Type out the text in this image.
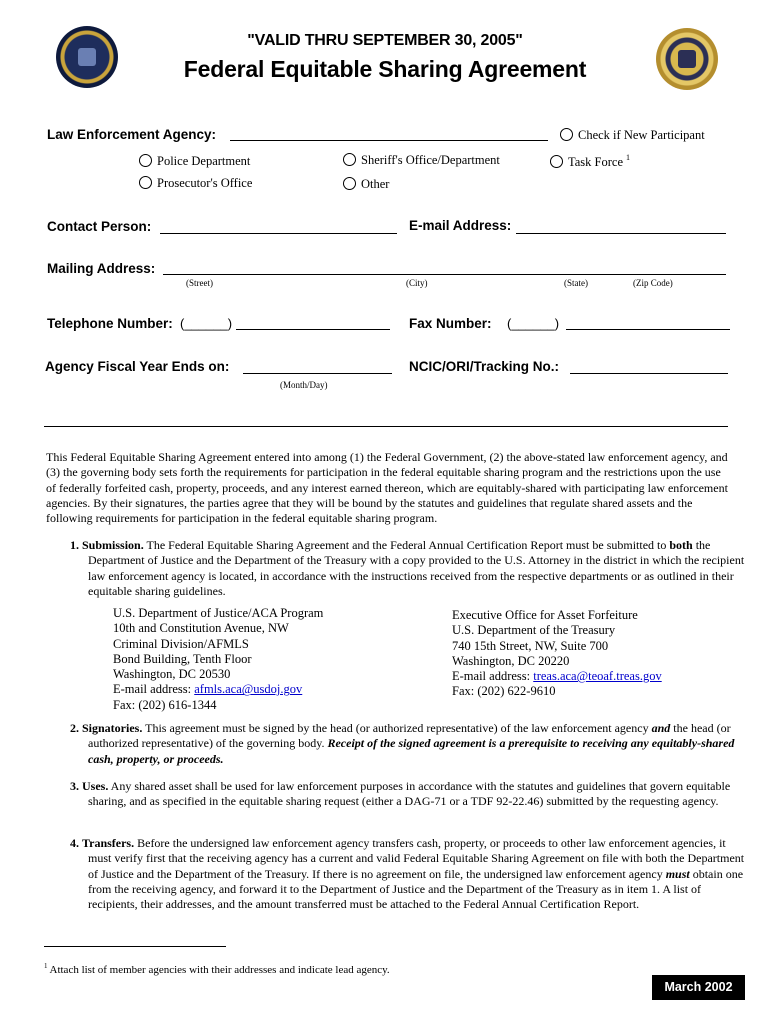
"VALID THRU SEPTEMBER 30, 2005"
Federal Equitable Sharing Agreement
Law Enforcement Agency:	Check if New Participant
Police Department	Sheriff's Office/Department	Task Force $^1$
Prosecutor's Office	Other
Contact Person:	E-mail Address:
Mailing Address:
(Street)	(City)	(State)	(Zip Code)
Telephone Number: (______)	Fax Number: (______)
Agency Fiscal Year Ends on:
(Month/Day)
NCIC/ORI/Tracking No.:
This Federal Equitable Sharing Agreement entered into among (1) the Federal Government, (2) the above-stated law enforcement agency, and (3) the governing body sets forth the requirements for participation in the federal equitable sharing program and the restrictions upon the use of federally forfeited cash, property, proceeds, and any interest earned thereon, which are equitably-shared with participating law enforcement agencies. By their signatures, the parties agree that they will be bound by the statutes and guidelines that regulate shared assets and the following requirements for participation in the federal equitable sharing program.
1. Submission. The Federal Equitable Sharing Agreement and the Federal Annual Certification Report must be submitted to both the Department of Justice and the Department of the Treasury with a copy provided to the U.S. Attorney in the district in which the recipient law enforcement agency is located, in accordance with the instructions received from the respective departments or as outlined in their equitable sharing guidelines.
U.S. Department of Justice/ACA Program
10th and Constitution Avenue, NW
Criminal Division/AFMLS
Bond Building, Tenth Floor
Washington, DC 20530
E-mail address: afmls.aca@usdoj.gov
Fax: (202) 616-1344
Executive Office for Asset Forfeiture
U.S. Department of the Treasury
740 15th Street, NW, Suite 700
Washington, DC 20220
E-mail address: treas.aca@teoaf.treas.gov
Fax: (202) 622-9610
2. Signatories. This agreement must be signed by the head (or authorized representative) of the law enforcement agency and the head (or authorized representative) of the governing body. Receipt of the signed agreement is a prerequisite to receiving any equitably-shared cash, property, or proceeds.
3. Uses. Any shared asset shall be used for law enforcement purposes in accordance with the statutes and guidelines that govern equitable sharing, and as specified in the equitable sharing request (either a DAG-71 or a TDF 92-22.46) submitted by the requesting agency.
4. Transfers. Before the undersigned law enforcement agency transfers cash, property, or proceeds to other law enforcement agencies, it must verify first that the receiving agency has a current and valid Federal Equitable Sharing Agreement on file with both the Department of Justice and the Department of the Treasury. If there is no agreement on file, the undersigned law enforcement agency must obtain one from the receiving agency, and forward it to the Department of Justice and the Department of the Treasury as in item 1. A list of recipients, their addresses, and the amount transferred must be attached to the Federal Annual Certification Report.
$^1$ Attach list of member agencies with their addresses and indicate lead agency.
March 2002
